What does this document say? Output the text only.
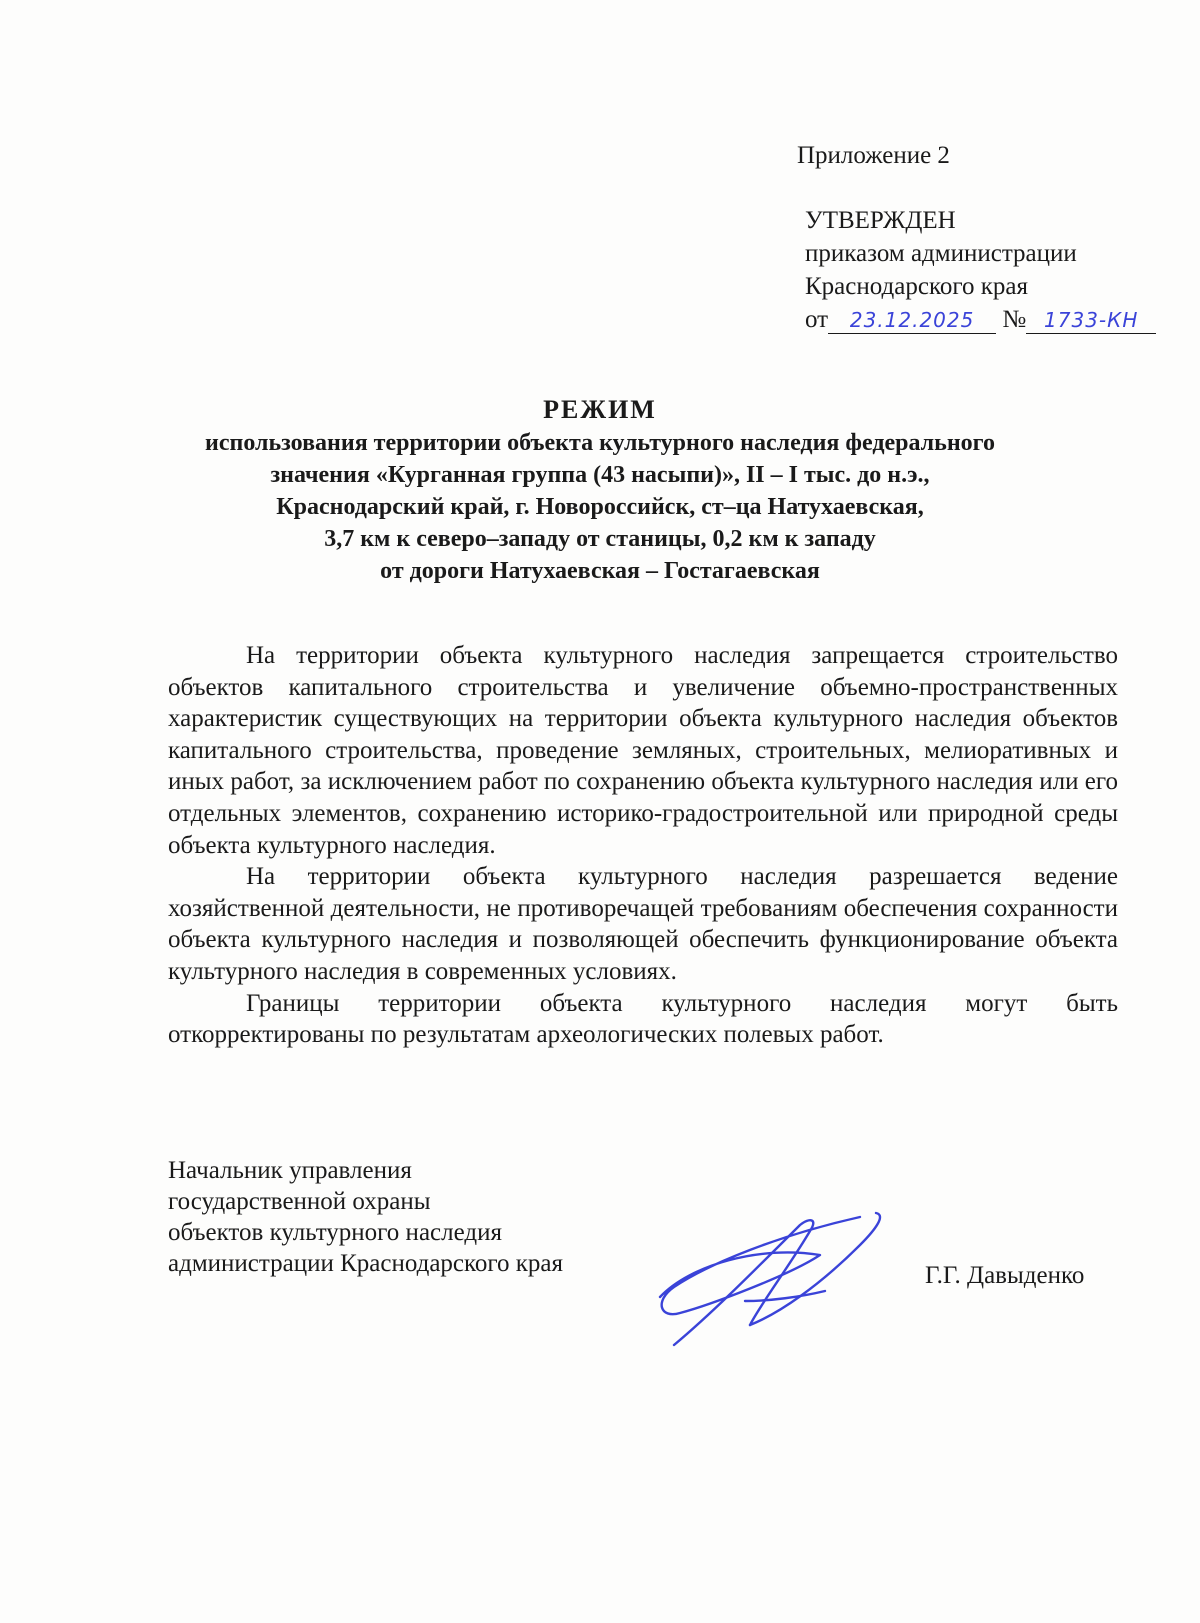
Приложение 2
УТВЕРЖДЕН
приказом администрации
Краснодарского края
от 23.12.2025 № 1733-КН
РЕЖИМ
использования территории объекта культурного наследия федерального
значения «Курганная группа (43 насыпи)», II – I тыс. до н.э.,
Краснодарский край, г. Новороссийск, ст–ца Натухаевская,
3,7 км к северо–западу от станицы, 0,2 км к западу
от дороги Натухаевская – Гостагаевская

На территории объекта культурного наследия запрещается строительство объектов капитального строительства и увеличение объемно-пространственных характеристик существующих на территории объекта культурного наследия объектов капитального строительства, проведение земляных, строительных, мелиоративных и иных работ, за исключением работ по сохранению объекта культурного наследия или его отдельных элементов, сохранению историко-градостроительной или природной среды объекта культурного наследия.

На территории объекта культурного наследия разрешается ведение хозяйственной деятельности, не противоречащей требованиям обеспечения сохранности объекта культурного наследия и позволяющей обеспечить функционирование объекта культурного наследия в современных условиях.

Границы территории объекта культурного наследия могут быть откорректированы по результатам археологических полевых работ.

Начальник управления
государственной охраны
объектов культурного наследия
администрации Краснодарского края	Г.Г. Давыденко
